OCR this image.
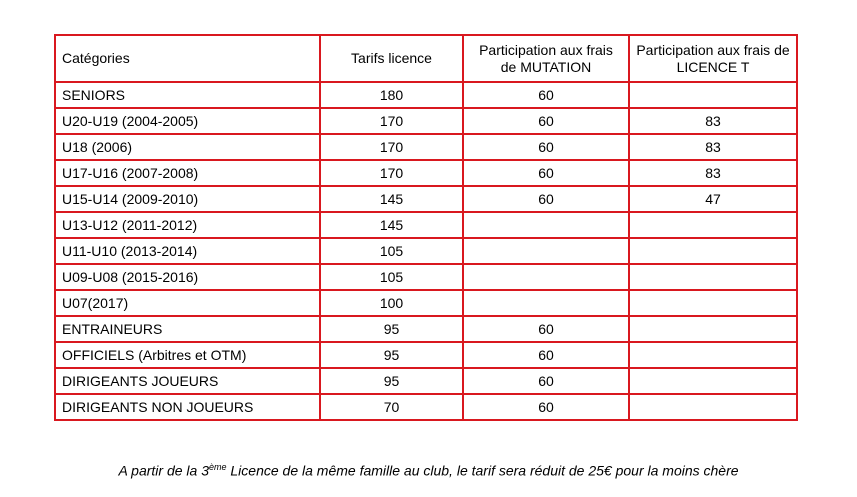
Catégories	Tarifs licence	Participation aux frais de MUTATION	Participation aux frais de LICENCE T
SENIORS	180	60	
U20-U19 (2004-2005)	170	60	83
U18 (2006)	170	60	83
U17-U16 (2007-2008)	170	60	83
U15-U14 (2009-2010)	145	60	47
U13-U12 (2011-2012)	145		
U11-U10 (2013-2014)	105		
U09-U08 (2015-2016)	105		
U07(2017)	100		
ENTRAINEURS	95	60	
OFFICIELS (Arbitres et OTM)	95	60	
DIRIGEANTS JOUEURS	95	60	
DIRIGEANTS NON JOUEURS	70	60	
A partir de la 3ème Licence de la même famille au club, le tarif sera réduit de 25€ pour la moins chère
